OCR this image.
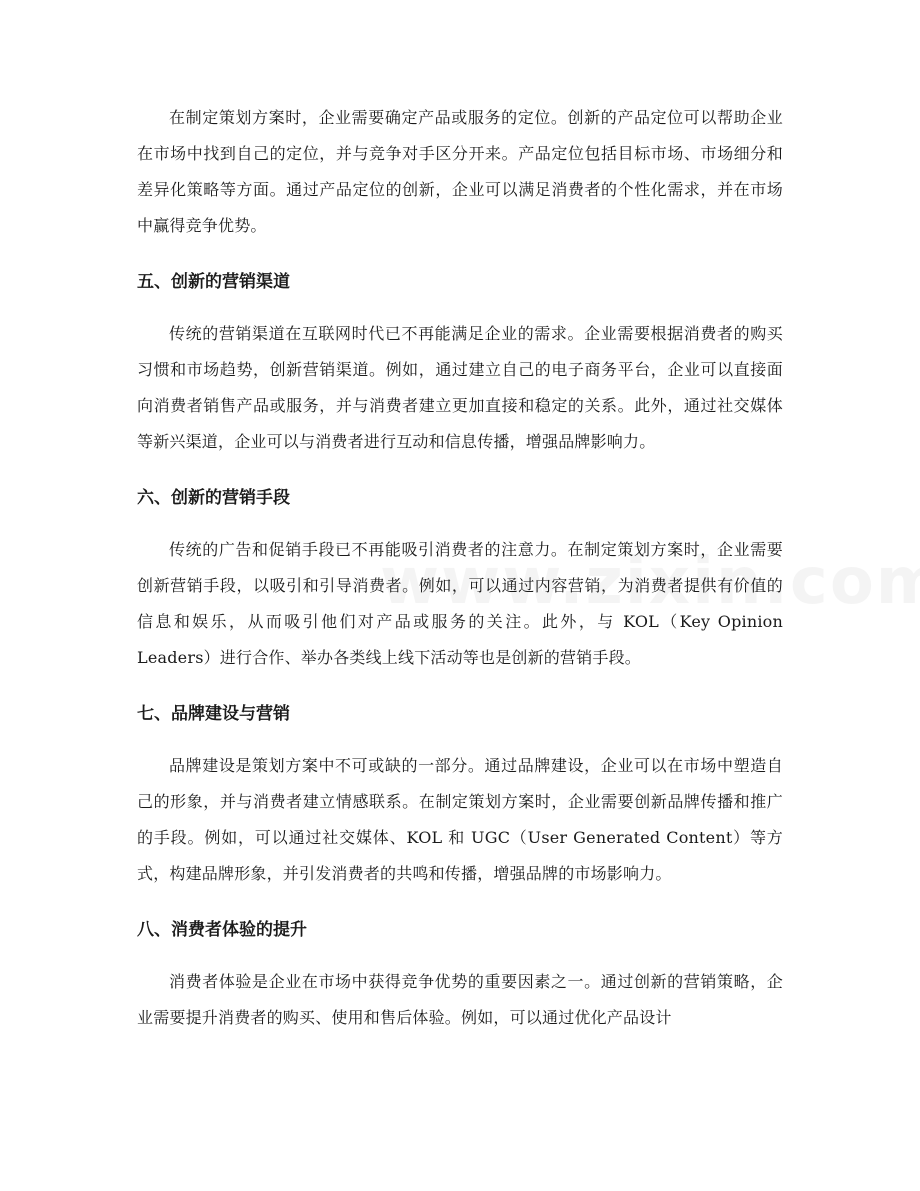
在制定策划方案时，企业需要确定产品或服务的定位。创新的产品定位可以帮助企业在市场中找到自己的定位，并与竞争对手区分开来。产品定位包括目标市场、市场细分和差异化策略等方面。通过产品定位的创新，企业可以满足消费者的个性化需求，并在市场中赢得竞争优势。

五、创新的营销渠道

传统的营销渠道在互联网时代已不再能满足企业的需求。企业需要根据消费者的购买习惯和市场趋势，创新营销渠道。例如，通过建立自己的电子商务平台，企业可以直接面向消费者销售产品或服务，并与消费者建立更加直接和稳定的关系。此外，通过社交媒体等新兴渠道，企业可以与消费者进行互动和信息传播，增强品牌影响力。

六、创新的营销手段

传统的广告和促销手段已不再能吸引消费者的注意力。在制定策划方案时，企业需要创新营销手段，以吸引和引导消费者。例如，可以通过内容营销，为消费者提供有价值的信息和娱乐，从而吸引他们对产品或服务的关注。此外，与 KOL（Key Opinion Leaders）进行合作、举办各类线上线下活动等也是创新的营销手段。

七、品牌建设与营销

品牌建设是策划方案中不可或缺的一部分。通过品牌建设，企业可以在市场中塑造自己的形象，并与消费者建立情感联系。在制定策划方案时，企业需要创新品牌传播和推广的手段。例如，可以通过社交媒体、KOL 和 UGC（User Generated Content）等方式，构建品牌形象，并引发消费者的共鸣和传播，增强品牌的市场影响力。

八、消费者体验的提升

消费者体验是企业在市场中获得竞争优势的重要因素之一。通过创新的营销策略，企业需要提升消费者的购买、使用和售后体验。例如，可以通过优化产品设计
